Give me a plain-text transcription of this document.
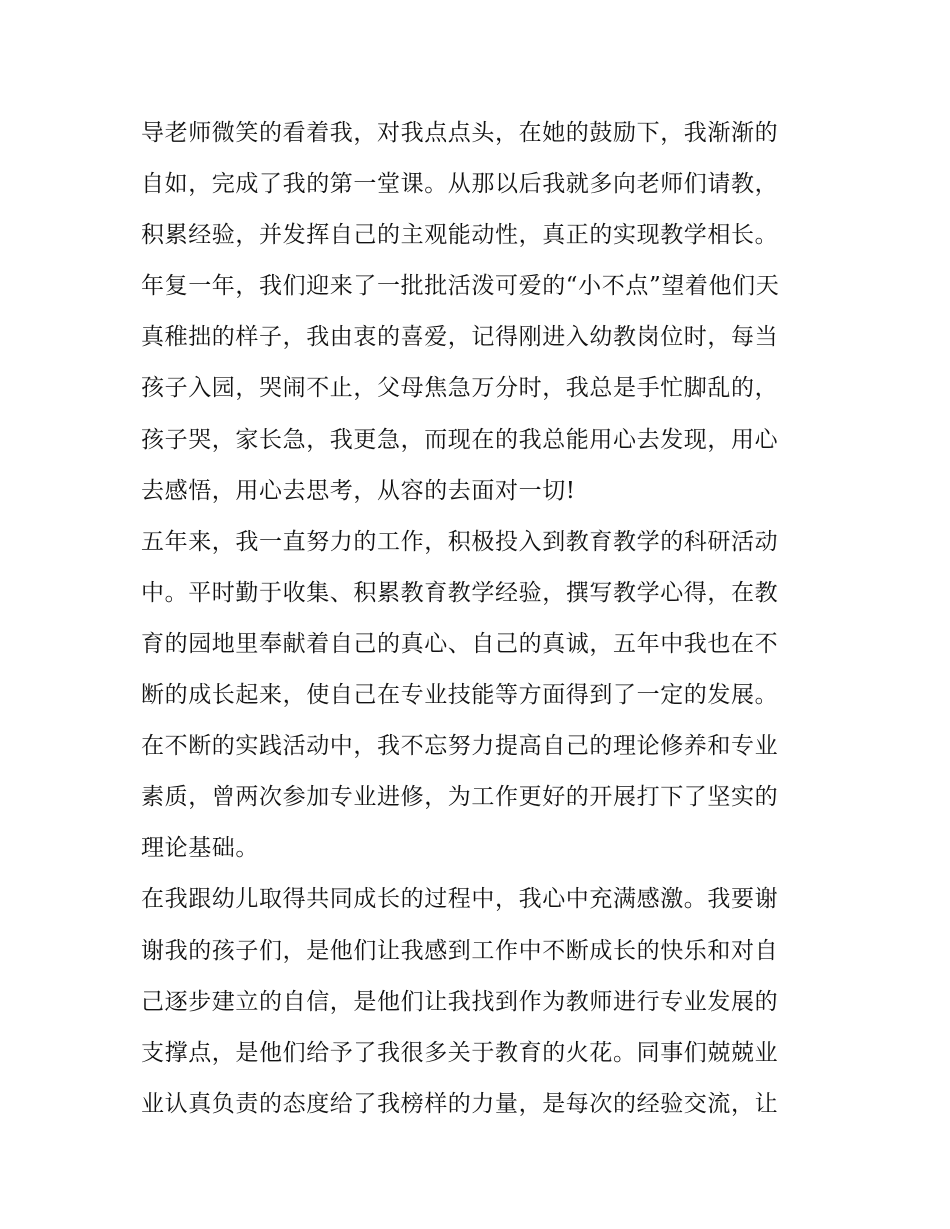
导老师微笑的看着我，对我点点头，在她的鼓励下，我渐渐的
自如，完成了我的第一堂课。从那以后我就多向老师们请教，
积累经验，并发挥自己的主观能动性，真正的实现教学相长。
年复一年，我们迎来了一批批活泼可爱的“小不点”望着他们天
真稚拙的样子，我由衷的喜爱，记得刚进入幼教岗位时，每当
孩子入园，哭闹不止，父母焦急万分时，我总是手忙脚乱的，
孩子哭，家长急，我更急，而现在的我总能用心去发现，用心
去感悟，用心去思考，从容的去面对一切!
五年来，我一直努力的工作，积极投入到教育教学的科研活动
中。平时勤于收集、积累教育教学经验，撰写教学心得，在教
育的园地里奉献着自己的真心、自己的真诚，五年中我也在不
断的成长起来，使自己在专业技能等方面得到了一定的发展。
在不断的实践活动中，我不忘努力提高自己的理论修养和专业
素质，曾两次参加专业进修，为工作更好的开展打下了坚实的
理论基础。
在我跟幼儿取得共同成长的过程中，我心中充满感激。我要谢
谢我的孩子们，是他们让我感到工作中不断成长的快乐和对自
己逐步建立的自信，是他们让我找到作为教师进行专业发展的
支撑点，是他们给予了我很多关于教育的火花。同事们兢兢业
业认真负责的态度给了我榜样的力量，是每次的经验交流，让
